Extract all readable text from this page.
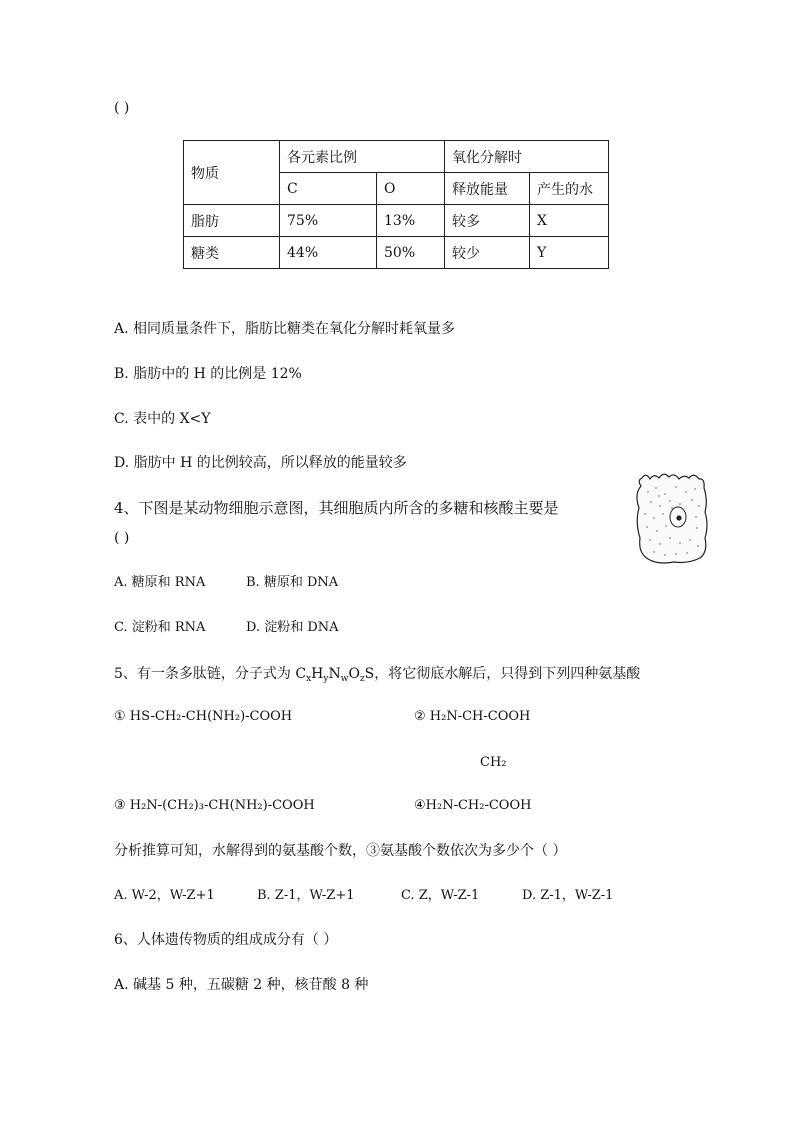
( )
物质	各元素比例		氧化分解时	
	C	O	释放能量	产生的水
脂肪	75%	13%	较多	X
糖类	44%	50%	较少	Y
A. 相同质量条件下，脂肪比糖类在氧化分解时耗氧量多
B. 脂肪中的 H 的比例是 12%
C. 表中的 X<Y
D. 脂肪中 H 的比例较高，所以释放的能量较多
4、下图是某动物细胞示意图，其细胞质内所含的多糖和核酸主要是
( )
A. 糖原和 RNA	B. 糖原和 DNA
C. 淀粉和 RNA	D. 淀粉和 DNA
5、有一条多肽链，分子式为 $C_xH_yN_wO_zS$，将它彻底水解后，只得到下列四种氨基酸
① HS-CH₂-CH(NH₂)-COOH	② H₂N-CH-COOH
CH₂
③ H₂N-(CH₂)₃-CH(NH₂)-COOH	④H₂N-CH₂-COOH
分析推算可知，水解得到的氨基酸个数，③氨基酸个数依次为多少个（ ）
A. W-2，W-Z+1	B. Z-1，W-Z+1	C. Z，W-Z-1	D. Z-1，W-Z-1
6、人体遗传物质的组成成分有（ ）
A. 碱基 5 种，五碳糖 2 种，核苷酸 8 种
